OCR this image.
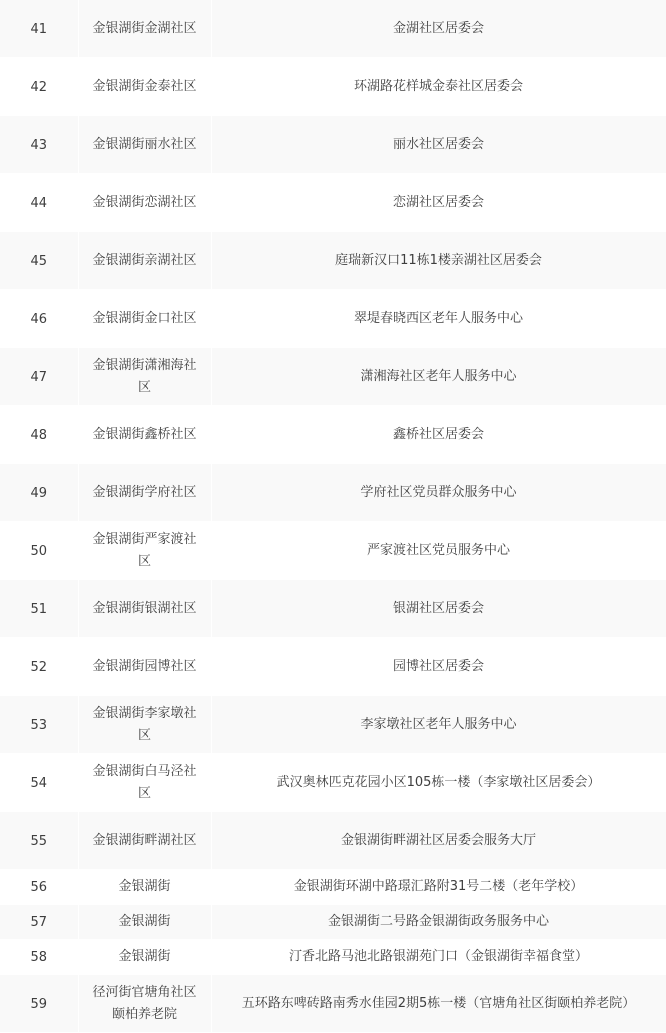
41	金银湖街金湖社区	金湖社区居委会
42	金银湖街金泰社区	环湖路花样城金泰社区居委会
43	金银湖街丽水社区	丽水社区居委会
44	金银湖街恋湖社区	恋湖社区居委会
45	金银湖街亲湖社区	庭瑞新汉口11栋1楼亲湖社区居委会
46	金银湖街金口社区	翠堤春晓西区老年人服务中心
47	金银湖街潇湘海社区	潇湘海社区老年人服务中心
48	金银湖街鑫桥社区	鑫桥社区居委会
49	金银湖街学府社区	学府社区党员群众服务中心
50	金银湖街严家渡社区	严家渡社区党员服务中心
51	金银湖街银湖社区	银湖社区居委会
52	金银湖街园博社区	园博社区居委会
53	金银湖街李家墩社区	李家墩社区老年人服务中心
54	金银湖街白马泾社区	武汉奥林匹克花园小区105栋一楼（李家墩社区居委会）
55	金银湖街畔湖社区	金银湖街畔湖社区居委会服务大厅
56	金银湖街	金银湖街环湖中路璟汇路附31号二楼（老年学校）
57	金银湖街	金银湖街二号路金银湖街政务服务中心
58	金银湖街	汀香北路马池北路银湖苑门口（金银湖街幸福食堂）
59	径河街官塘角社区颐柏养老院	五环路东啤砖路南秀水佳园2期5栋一楼（官塘角社区街颐柏养老院）
